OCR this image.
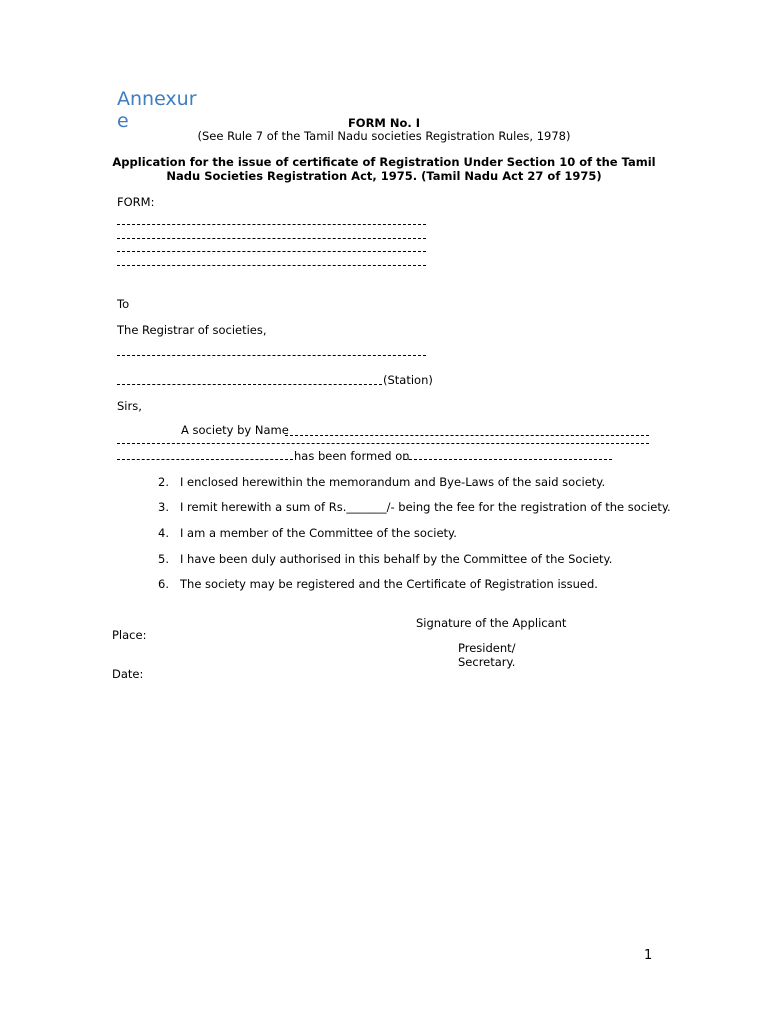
Annexur
e	FORM No. I
(See Rule 7 of the Tamil Nadu societies Registration Rules, 1978)
Application for the issue of certificate of Registration Under Section 10 of the Tamil
Nadu Societies Registration Act, 1975. (Tamil Nadu Act 27 of 1975)
FORM:
To
The Registrar of societies,
(Station)
Sirs,
A society by Name
has been formed on
2. I enclosed herewithin the memorandum and Bye-Laws of the said society.
3. I remit herewith a sum of Rs._______/- being the fee for the registration of the society.
4. I am a member of the Committee of the society.
5. I have been duly authorised in this behalf by the Committee of the Society.
6. The society may be registered and the Certificate of Registration issued.
Signature of the Applicant
Place:
President/
Secretary.
Date:
1
